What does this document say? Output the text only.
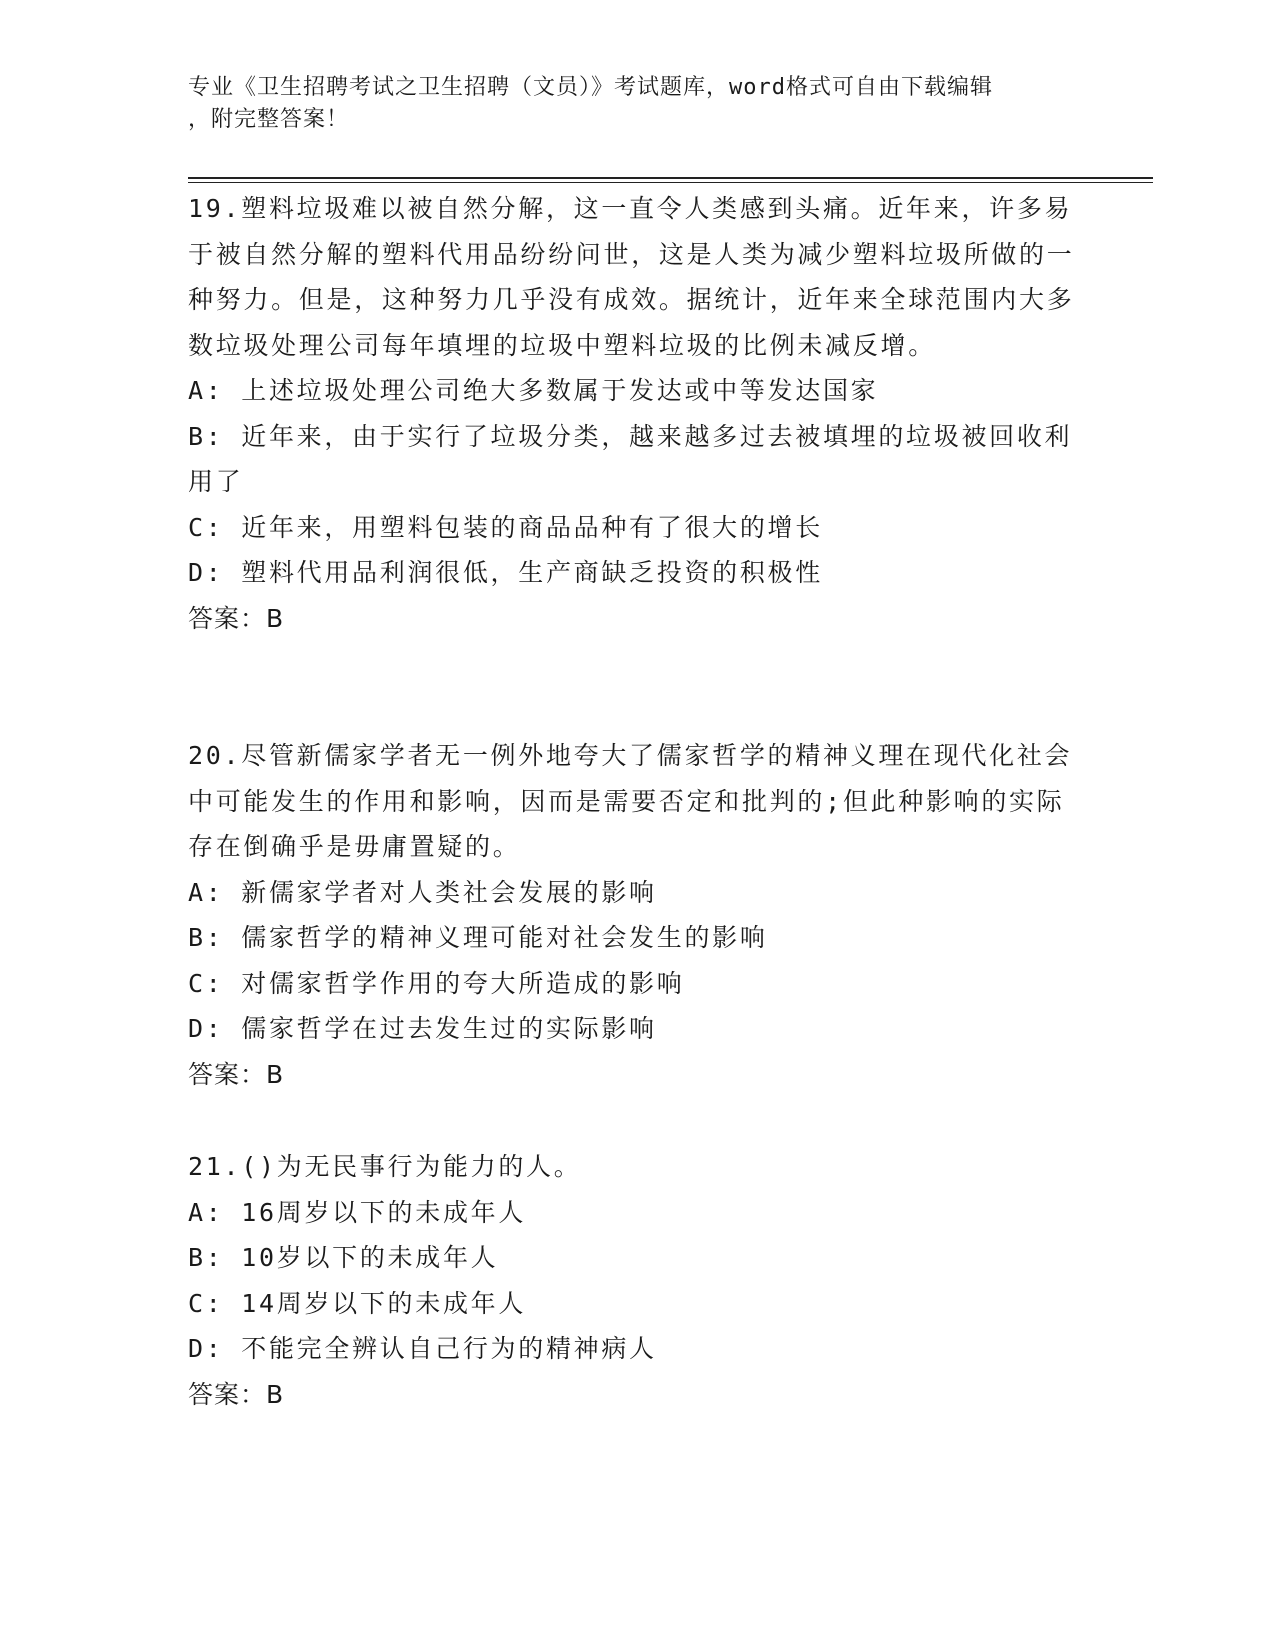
专业《卫生招聘考试之卫生招聘（文员）》考试题库，word格式可自由下载编辑
，附完整答案！
19.塑料垃圾难以被自然分解，这一直令人类感到头痛。近年来，许多易于被自然分解的塑料代用品纷纷问世，这是人类为减少塑料垃圾所做的一种努力。但是，这种努力几乎没有成效。据统计，近年来全球范围内大多数垃圾处理公司每年填埋的垃圾中塑料垃圾的比例未减反增。
A: 上述垃圾处理公司绝大多数属于发达或中等发达国家
B: 近年来，由于实行了垃圾分类，越来越多过去被填埋的垃圾被回收利用了
C: 近年来，用塑料包装的商品品种有了很大的增长
D: 塑料代用品利润很低，生产商缺乏投资的积极性
答案：B
20.尽管新儒家学者无一例外地夸大了儒家哲学的精神义理在现代化社会中可能发生的作用和影响，因而是需要否定和批判的;但此种影响的实际存在倒确乎是毋庸置疑的。
A: 新儒家学者对人类社会发展的影响
B: 儒家哲学的精神义理可能对社会发生的影响
C: 对儒家哲学作用的夸大所造成的影响
D: 儒家哲学在过去发生过的实际影响
答案：B
21.()为无民事行为能力的人。
A: 16周岁以下的未成年人
B: 10岁以下的未成年人
C: 14周岁以下的未成年人
D: 不能完全辨认自己行为的精神病人
答案：B
